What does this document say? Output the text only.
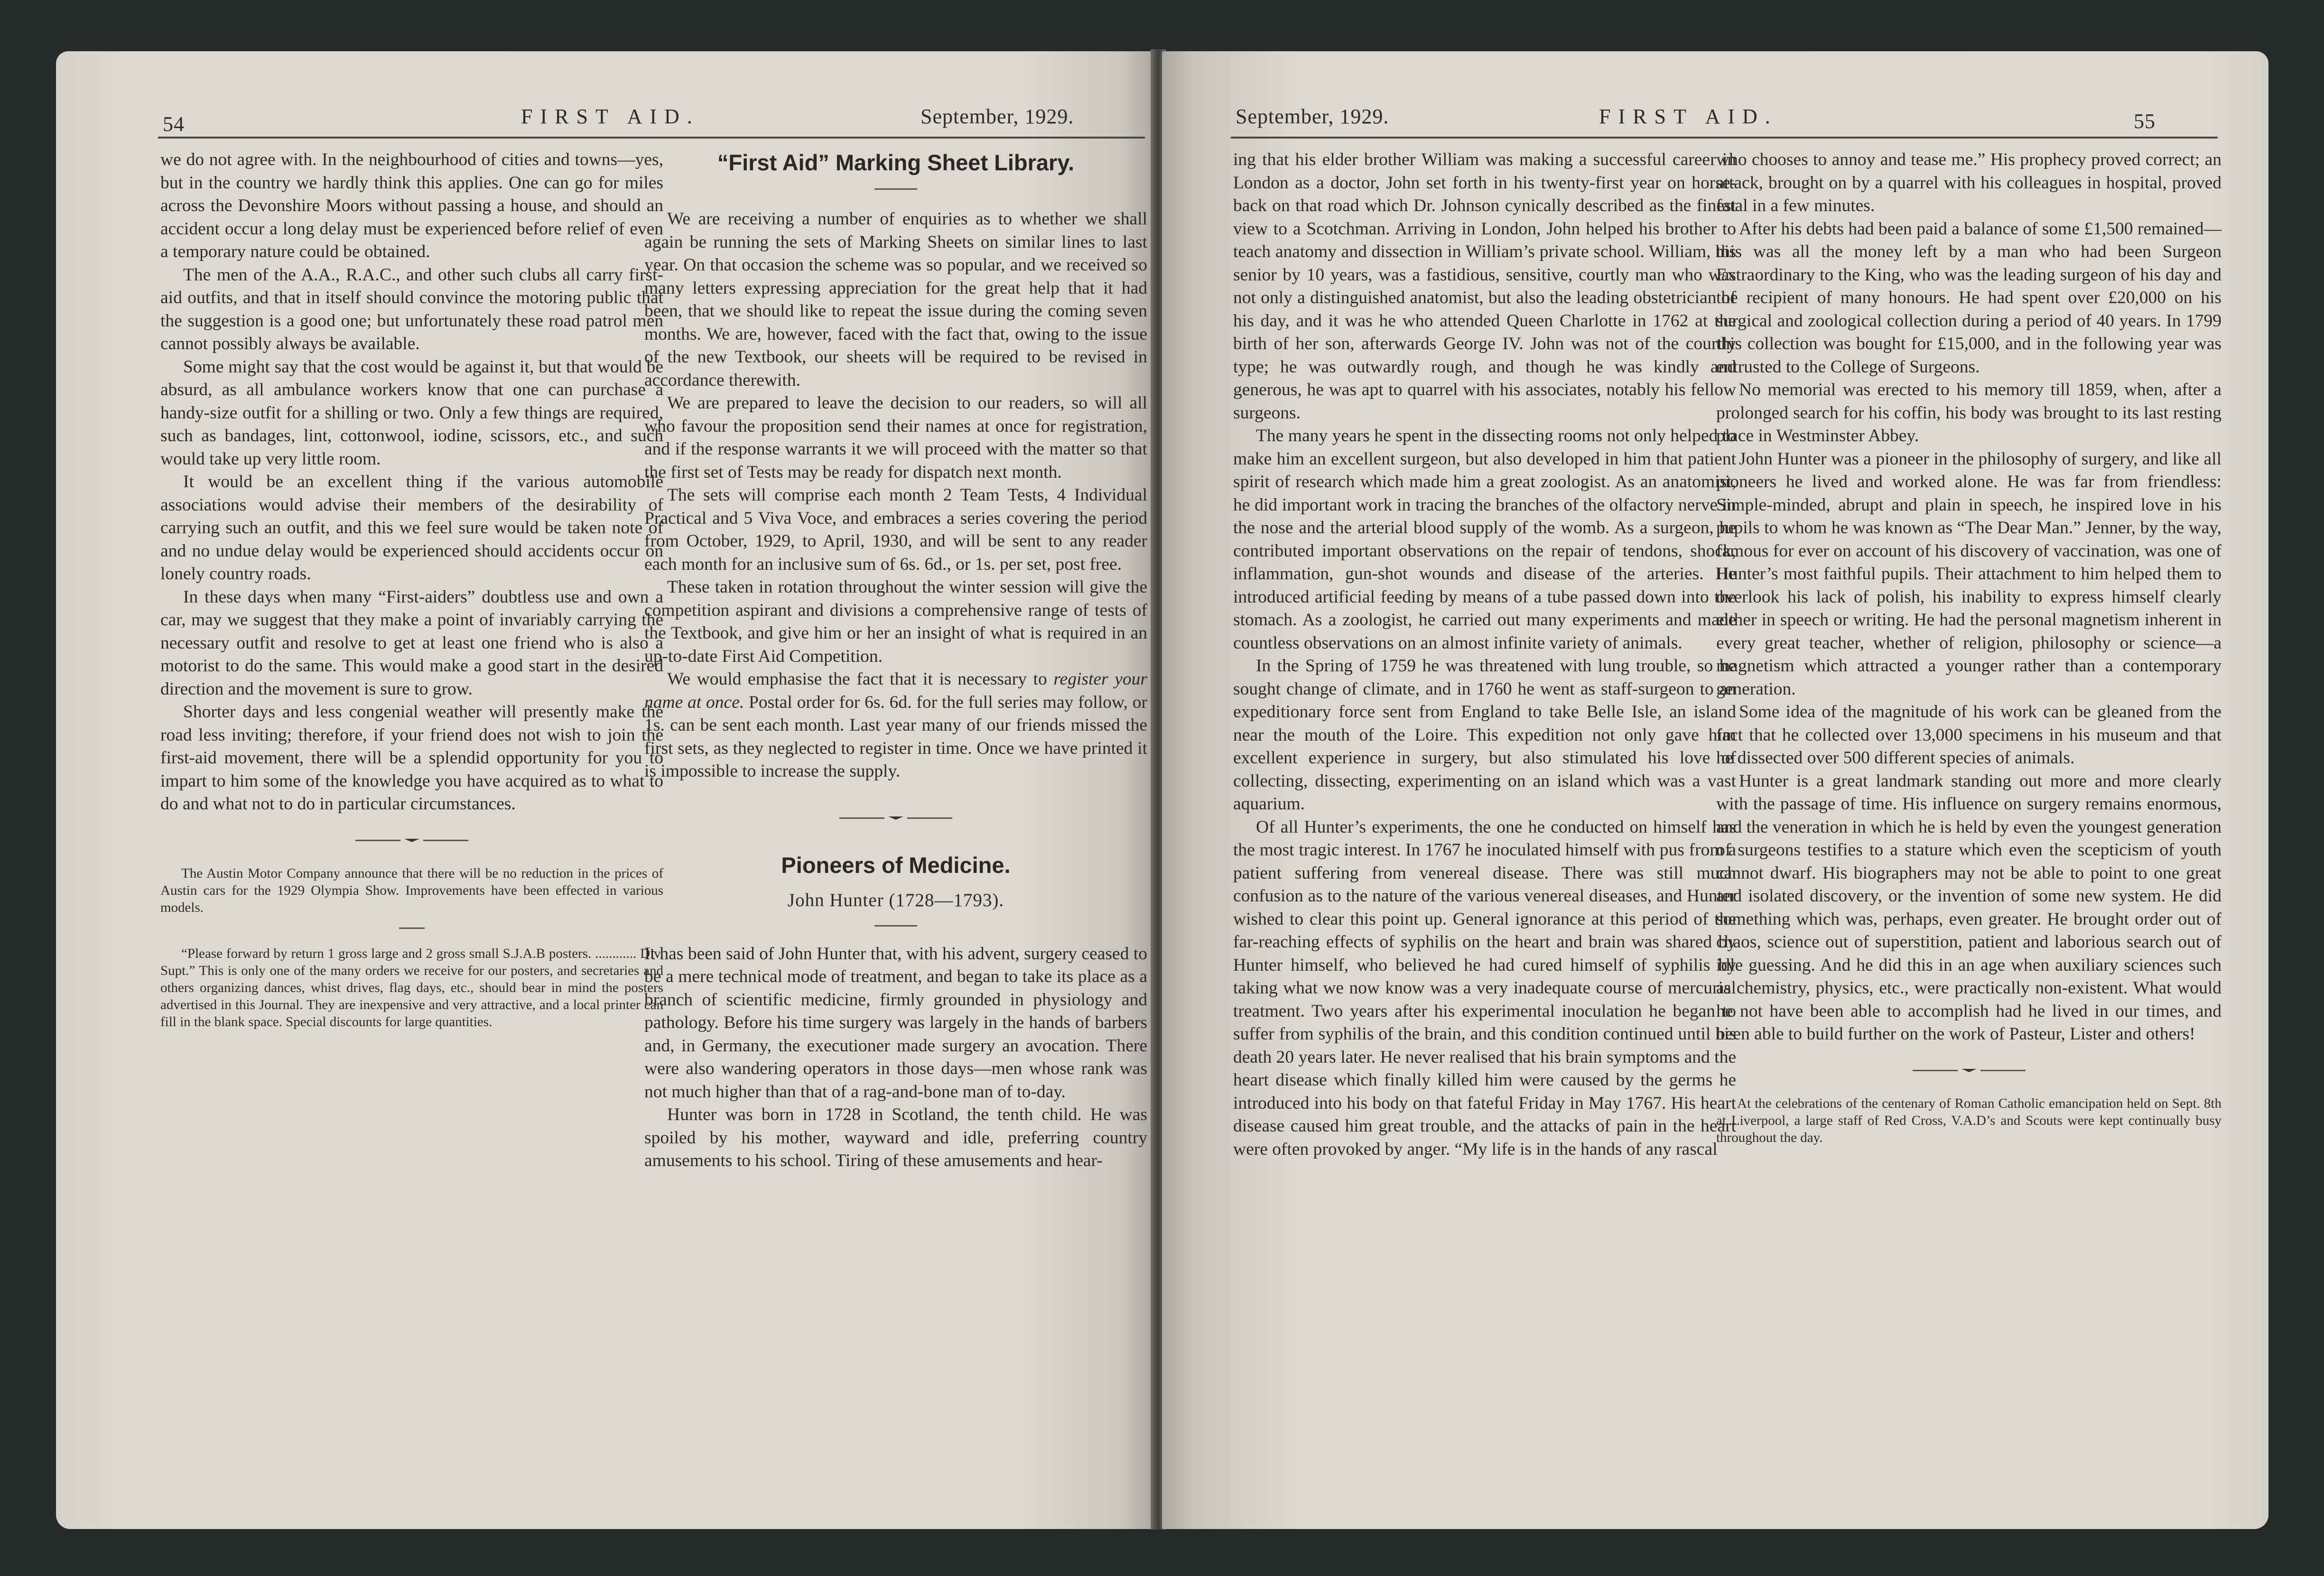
54	FIRST AID.	September, 1929.

we do not agree with. In the neighbourhood of cities and towns—yes, but in the country we hardly think this applies. One can go for miles across the Devonshire Moors without passing a house, and should an accident occur a long delay must be experienced before relief of even a temporary nature could be obtained.

The men of the A.A., R.A.C., and other such clubs all carry first-aid outfits, and that in itself should convince the motoring public that the suggestion is a good one; but unfortunately these road patrol men cannot possibly always be available.

Some might say that the cost would be against it, but that would be absurd, as all ambulance workers know that one can purchase a handy-size outfit for a shilling or two. Only a few things are required, such as bandages, lint, cottonwool, iodine, scissors, etc., and such would take up very little room.

It would be an excellent thing if the various automobile associations would advise their members of the desirability of carrying such an outfit, and this we feel sure would be taken note of and no undue delay would be experienced should accidents occur on lonely country roads.

In these days when many “First-aiders” doubtless use and own a car, may we suggest that they make a point of invariably carrying the necessary outfit and resolve to get at least one friend who is also a motorist to do the same. This would make a good start in the desired direction and the movement is sure to grow.

Shorter days and less congenial weather will presently make the road less inviting; therefore, if your friend does not wish to join the first-aid movement, there will be a splendid opportunity for you to impart to him some of the knowledge you have acquired as to what to do and what not to do in particular circumstances.

The Austin Motor Company announce that there will be no reduction in the prices of Austin cars for the 1929 Olympia Show. Improvements have been effected in various models.

“Please forward by return 1 gross large and 2 gross small S.J.A.B posters. ............ Div. Supt.” This is only one of the many orders we receive for our posters, and secretaries and others organizing dances, whist drives, flag days, etc., should bear in mind the posters advertised in this Journal. They are inexpensive and very attractive, and a local printer can fill in the blank space. Special discounts for large quantities.

“First Aid” Marking Sheet Library.

We are receiving a number of enquiries as to whether we shall again be running the sets of Marking Sheets on similar lines to last year. On that occasion the scheme was so popular, and we received so many letters expressing appreciation for the great help that it had been, that we should like to repeat the issue during the coming seven months. We are, however, faced with the fact that, owing to the issue of the new Textbook, our sheets will be required to be revised in accordance therewith.

We are prepared to leave the decision to our readers, so will all who favour the proposition send their names at once for registration, and if the response warrants it we will proceed with the matter so that the first set of Tests may be ready for dispatch next month.

The sets will comprise each month 2 Team Tests, 4 Individual Practical and 5 Viva Voce, and embraces a series covering the period from October, 1929, to April, 1930, and will be sent to any reader each month for an inclusive sum of 6s. 6d., or 1s. per set, post free.

These taken in rotation throughout the winter session will give the competition aspirant and divisions a comprehensive range of tests of the Textbook, and give him or her an insight of what is required in an up-to-date First Aid Competition.

We would emphasise the fact that it is necessary to register your name at once. Postal order for 6s. 6d. for the full series may follow, or 1s. can be sent each month. Last year many of our friends missed the first sets, as they neglected to register in time. Once we have printed it is impossible to increase the supply.

Pioneers of Medicine.
John Hunter (1728—1793).

It has been said of John Hunter that, with his advent, surgery ceased to be a mere technical mode of treatment, and began to take its place as a branch of scientific medicine, firmly grounded in physiology and pathology. Before his time surgery was largely in the hands of barbers and, in Germany, the executioner made surgery an avocation. There were also wandering operators in those days—men whose rank was not much higher than that of a rag-and-bone man of to-day.

Hunter was born in 1728 in Scotland, the tenth child. He was spoiled by his mother, wayward and idle, preferring country amusements to his school. Tiring of these amusements and hear-

September, 1929.	FIRST AID.	55

ing that his elder brother William was making a successful career in London as a doctor, John set forth in his twenty-first year on horse-back on that road which Dr. Johnson cynically described as the finest view to a Scotchman. Arriving in London, John helped his brother to teach anatomy and dissection in William’s private school. William, his senior by 10 years, was a fastidious, sensitive, courtly man who was not only a distinguished anatomist, but also the leading obstetrician of his day, and it was he who attended Queen Charlotte in 1762 at the birth of her son, afterwards George IV. John was not of the courtly type; he was outwardly rough, and though he was kindly and generous, he was apt to quarrel with his associates, notably his fellow surgeons.

The many years he spent in the dissecting rooms not only helped to make him an excellent surgeon, but also developed in him that patient spirit of research which made him a great zoologist. As an anatomist, he did important work in tracing the branches of the olfactory nerve in the nose and the arterial blood supply of the womb. As a surgeon, he contributed important observations on the repair of tendons, shock, inflammation, gun-shot wounds and disease of the arteries. He introduced artificial feeding by means of a tube passed down into the stomach. As a zoologist, he carried out many experiments and made countless observations on an almost infinite variety of animals.

In the Spring of 1759 he was threatened with lung trouble, so he sought change of climate, and in 1760 he went as staff-surgeon to an expeditionary force sent from England to take Belle Isle, an island near the mouth of the Loire. This expedition not only gave him excellent experience in surgery, but also stimulated his love of collecting, dissecting, experimenting on an island which was a vast aquarium.

Of all Hunter’s experiments, the one he conducted on himself has the most tragic interest. In 1767 he inoculated himself with pus from a patient suffering from venereal disease. There was still much confusion as to the nature of the various venereal diseases, and Hunter wished to clear this point up. General ignorance at this period of the far-reaching effects of syphilis on the heart and brain was shared by Hunter himself, who believed he had cured himself of syphilis by taking what we now know was a very inadequate course of mercurial treatment. Two years after his experimental inoculation he began to suffer from syphilis of the brain, and this condition continued until his death 20 years later. He never realised that his brain symptoms and the heart disease which finally killed him were caused by the germs he introduced into his body on that fateful Friday in May 1767. His heart disease caused him great trouble, and the attacks of pain in the heart were often provoked by anger. “My life is in the hands of any rascal

who chooses to annoy and tease me.” His prophecy proved correct; an attack, brought on by a quarrel with his colleagues in hospital, proved fatal in a few minutes.

After his debts had been paid a balance of some £1,500 remained—this was all the money left by a man who had been Surgeon Extraordinary to the King, who was the leading surgeon of his day and the recipient of many honours. He had spent over £20,000 on his surgical and zoological collection during a period of 40 years. In 1799 this collection was bought for £15,000, and in the following year was entrusted to the College of Surgeons.

No memorial was erected to his memory till 1859, when, after a prolonged search for his coffin, his body was brought to its last resting place in Westminster Abbey.

John Hunter was a pioneer in the philosophy of surgery, and like all pioneers he lived and worked alone. He was far from friendless: Simple-minded, abrupt and plain in speech, he inspired love in his pupils to whom he was known as “The Dear Man.” Jenner, by the way, famous for ever on account of his discovery of vaccination, was one of Hunter’s most faithful pupils. Their attachment to him helped them to overlook his lack of polish, his inability to express himself clearly either in speech or writing. He had the personal magnetism inherent in every great teacher, whether of religion, philosophy or science—a magnetism which attracted a younger rather than a contemporary generation.

Some idea of the magnitude of his work can be gleaned from the fact that he collected over 13,000 specimens in his museum and that he dissected over 500 different species of animals.

Hunter is a great landmark standing out more and more clearly with the passage of time. His influence on surgery remains enormous, and the veneration in which he is held by even the youngest generation of surgeons testifies to a stature which even the scepticism of youth cannot dwarf. His biographers may not be able to point to one great and isolated discovery, or the invention of some new system. He did something which was, perhaps, even greater. He brought order out of chaos, science out of superstition, patient and laborious search out of idle guessing. And he did this in an age when auxiliary sciences such as chemistry, physics, etc., were practically non-existent. What would he not have been able to accomplish had he lived in our times, and been able to build further on the work of Pasteur, Lister and others!

At the celebrations of the centenary of Roman Catholic emancipation held on Sept. 8th at Liverpool, a large staff of Red Cross, V.A.D’s and Scouts were kept continually busy throughout the day.
